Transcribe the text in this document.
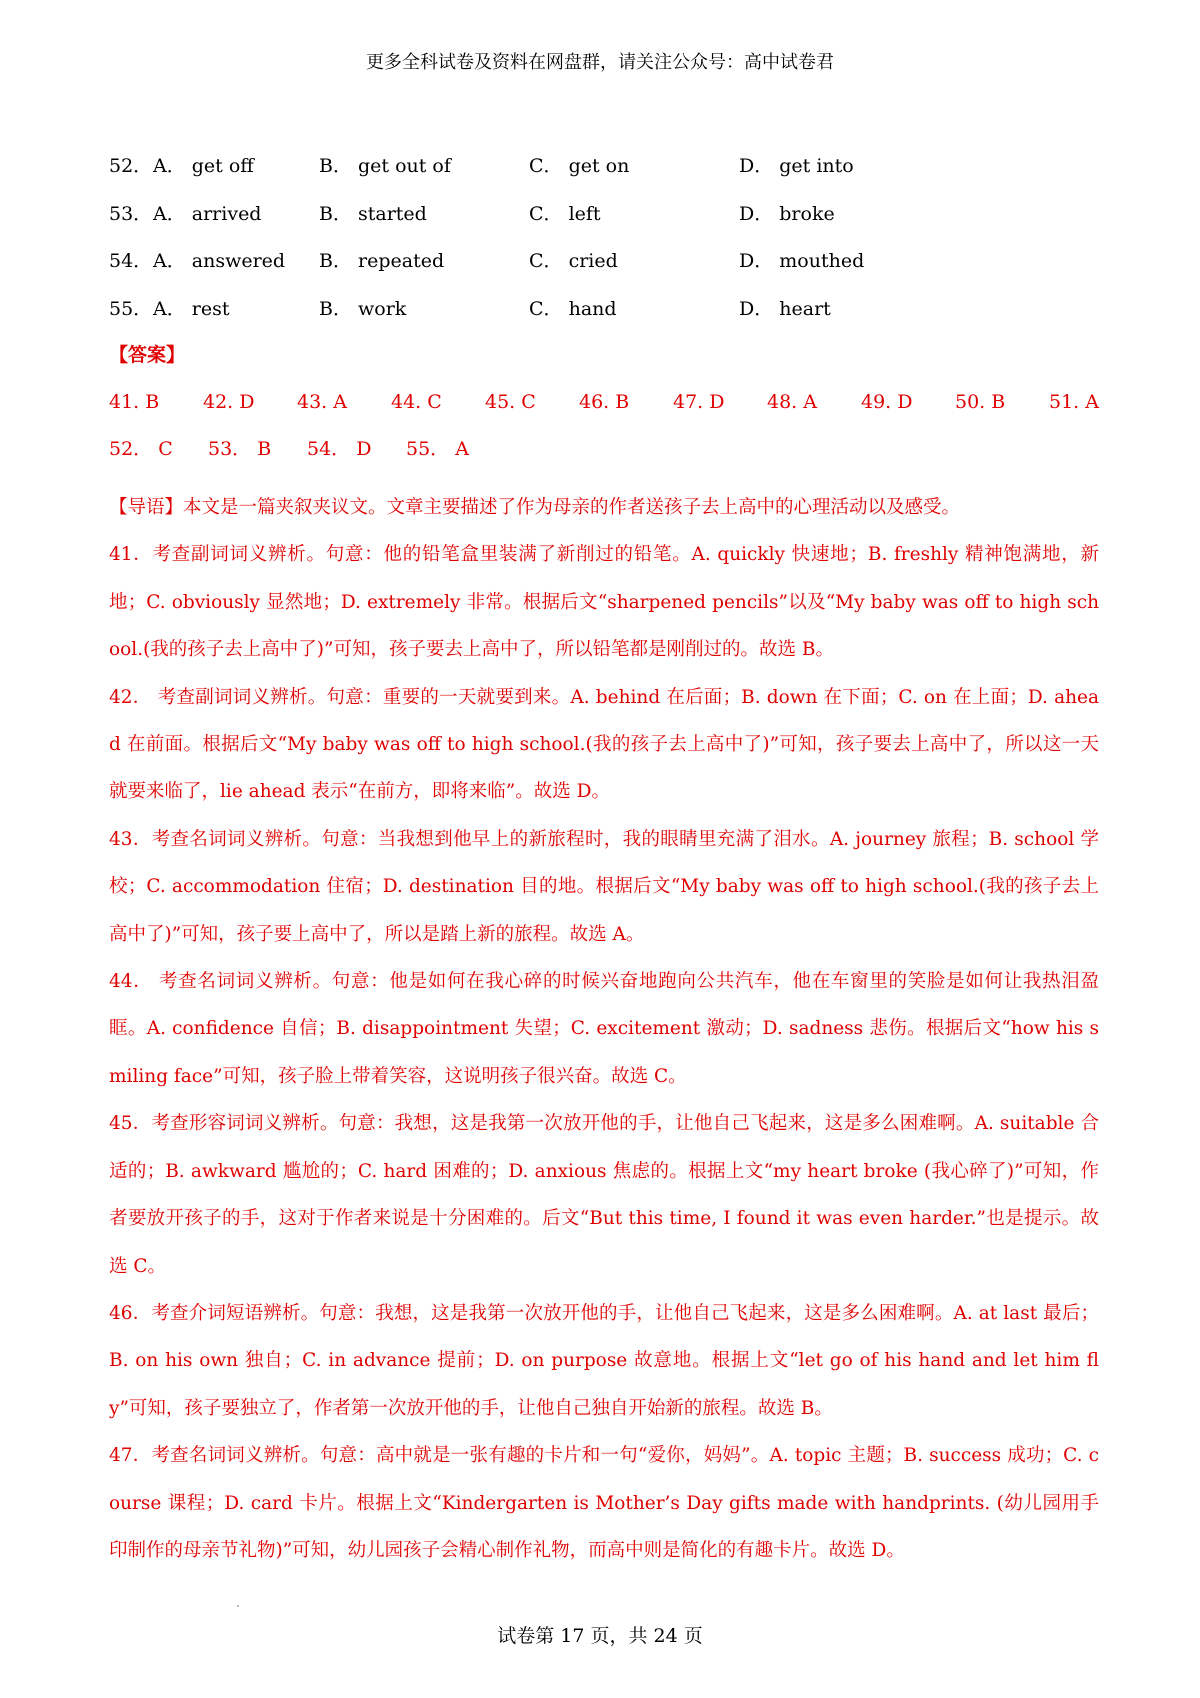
更多全科试卷及资料在网盘群，请关注公众号：高中试卷君
52． A． get off	B． get out of	C． get on	D． get into
53． A． arrived	B． started	C． left	D． broke
54． A． answered B． repeated	C． cried	D． mouthed
55． A． rest	B． work	C． hand	D． heart
【答案】
41. B 42. D 43. A 44. C 45. C 46. B 47. D 48. A 49. D 50. B 51. A
52． C 53． B 54． D 55． A

【导语】本文是一篇夹叙夹议文。文章主要描述了作为母亲的作者送孩子去上高中的心理活动以及感受。

41．考查副词词义辨析。句意：他的铅笔盒里装满了新削过的铅笔。A. quickly 快速地；B. freshly 精神饱满地，新地；C. obviously 显然地；D. extremely 非常。根据后文“sharpened pencils”以及“My baby was off to high school.(我的孩子去上高中了)”可知，孩子要去上高中了，所以铅笔都是刚削过的。故选 B。

42． 考查副词词义辨析。句意：重要的一天就要到来。A. behind 在后面；B. down 在下面；C. on 在上面；D. ahead 在前面。根据后文“My baby was off to high school.(我的孩子去上高中了)”可知，孩子要去上高中了，所以这一天就要来临了，lie ahead 表示“在前方，即将来临”。故选 D。

43．考查名词词义辨析。句意：当我想到他早上的新旅程时，我的眼睛里充满了泪水。A. journey 旅程；B. school 学校；C. accommodation 住宿；D. destination 目的地。根据后文“My baby was off to high school.(我的孩子去上高中了)”可知，孩子要上高中了，所以是踏上新的旅程。故选 A。

44． 考查名词词义辨析。句意：他是如何在我心碎的时候兴奋地跑向公共汽车，他在车窗里的笑脸是如何让我热泪盈眶。A. confidence 自信；B. disappointment 失望；C. excitement 激动；D. sadness 悲伤。根据后文“how his smiling face”可知，孩子脸上带着笑容，这说明孩子很兴奋。故选 C。

45．考查形容词词义辨析。句意：我想，这是我第一次放开他的手，让他自己飞起来，这是多么困难啊。A. suitable 合适的；B. awkward 尴尬的；C. hard 困难的；D. anxious 焦虑的。根据上文“my heart broke (我心碎了)”可知，作者要放开孩子的手，这对于作者来说是十分困难的。后文“But this time, I found it was even harder.”也是提示。故选 C。

46．考查介词短语辨析。句意：我想，这是我第一次放开他的手，让他自己飞起来，这是多么困难啊。A. at last 最后；B. on his own 独自；C. in advance 提前；D. on purpose 故意地。根据上文“let go of his hand and let him fly”可知，孩子要独立了，作者第一次放开他的手，让他自己独自开始新的旅程。故选 B。

47．考查名词词义辨析。句意：高中就是一张有趣的卡片和一句“爱你，妈妈”。A. topic 主题；B. success 成功；C. course 课程；D. card 卡片。根据上文“Kindergarten is Mother’s Day gifts made with handprints. (幼儿园用手印制作的母亲节礼物)”可知，幼儿园孩子会精心制作礼物，而高中则是简化的有趣卡片。故选 D。

试卷第 17 页，共 24 页
